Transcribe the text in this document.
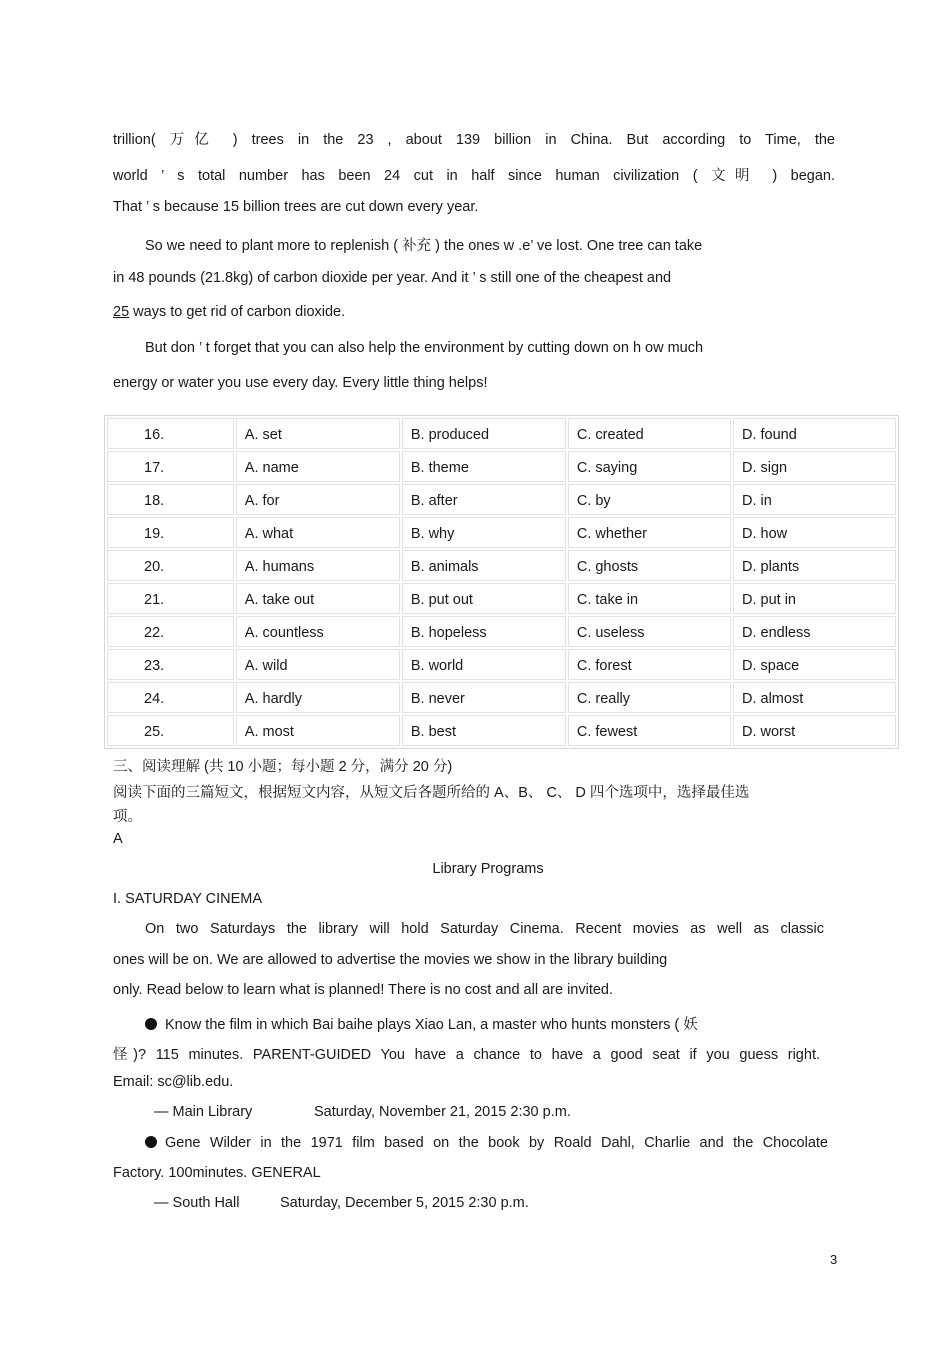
trillion( 万亿 ) trees in the 23 , about 139 billion in China. But according to Time, the
world ’ s total number has been 24 cut in half since human civilization ( 文明 ) began.
That ’ s because 15 billion trees are cut down every year.
So we need to plant more to replenish ( 补充 ) the ones w .e’ ve lost. One tree can take
in 48 pounds (21.8kg) of carbon dioxide per year. And it ’ s still one of the cheapest and
25 ways to get rid of carbon dioxide.
But don ’ t forget that you can also help the environment by cutting down on h ow much
energy or water you use every day. Every little thing helps!
16.	A. set	B. produced	C. created	D. found
17.	A. name	B. theme	C. saying	D. sign
18.	A. for	B. after	C. by	D. in
19.	A. what	B. why	C. whether	D. how
20.	A. humans	B. animals	C. ghosts	D. plants
21.	A. take out	B. put out	C. take in	D. put in
22.	A. countless	B. hopeless	C. useless	D. endless
23.	A. wild	B. world	C. forest	D. space
24.	A. hardly	B. never	C. really	D. almost
25.	A. most	B. best	C. fewest	D. worst
三、阅读理解 (共 10 小题；每小题 2 分，满分 20 分)
阅读下面的三篇短文，根据短文内容，从短文后各题所给的 A、B、 C、 D 四个选项中，选择最佳选
项。
A
Library Programs
I. SATURDAY CINEMA
On two Saturdays the library will hold Saturday Cinema. Recent movies as well as classic
ones will be on. We are allowed to advertise the movies we show in the library building
only. Read below to learn what is planned! There is no cost and all are invited.
Know the film in which Bai baihe plays Xiao Lan, a master who hunts monsters ( 妖
怪)? 115 minutes. PARENT-GUIDED You have a chance to have a good seat if you guess right.
Email: sc@lib.edu.
— Main Library	Saturday, November 21, 2015 2:30 p.m.
Gene Wilder in the 1971 film based on the book by Roald Dahl, Charlie and the Chocolate
Factory. 100minutes. GENERAL
— South Hall	Saturday, December 5, 2015 2:30 p.m.
3
